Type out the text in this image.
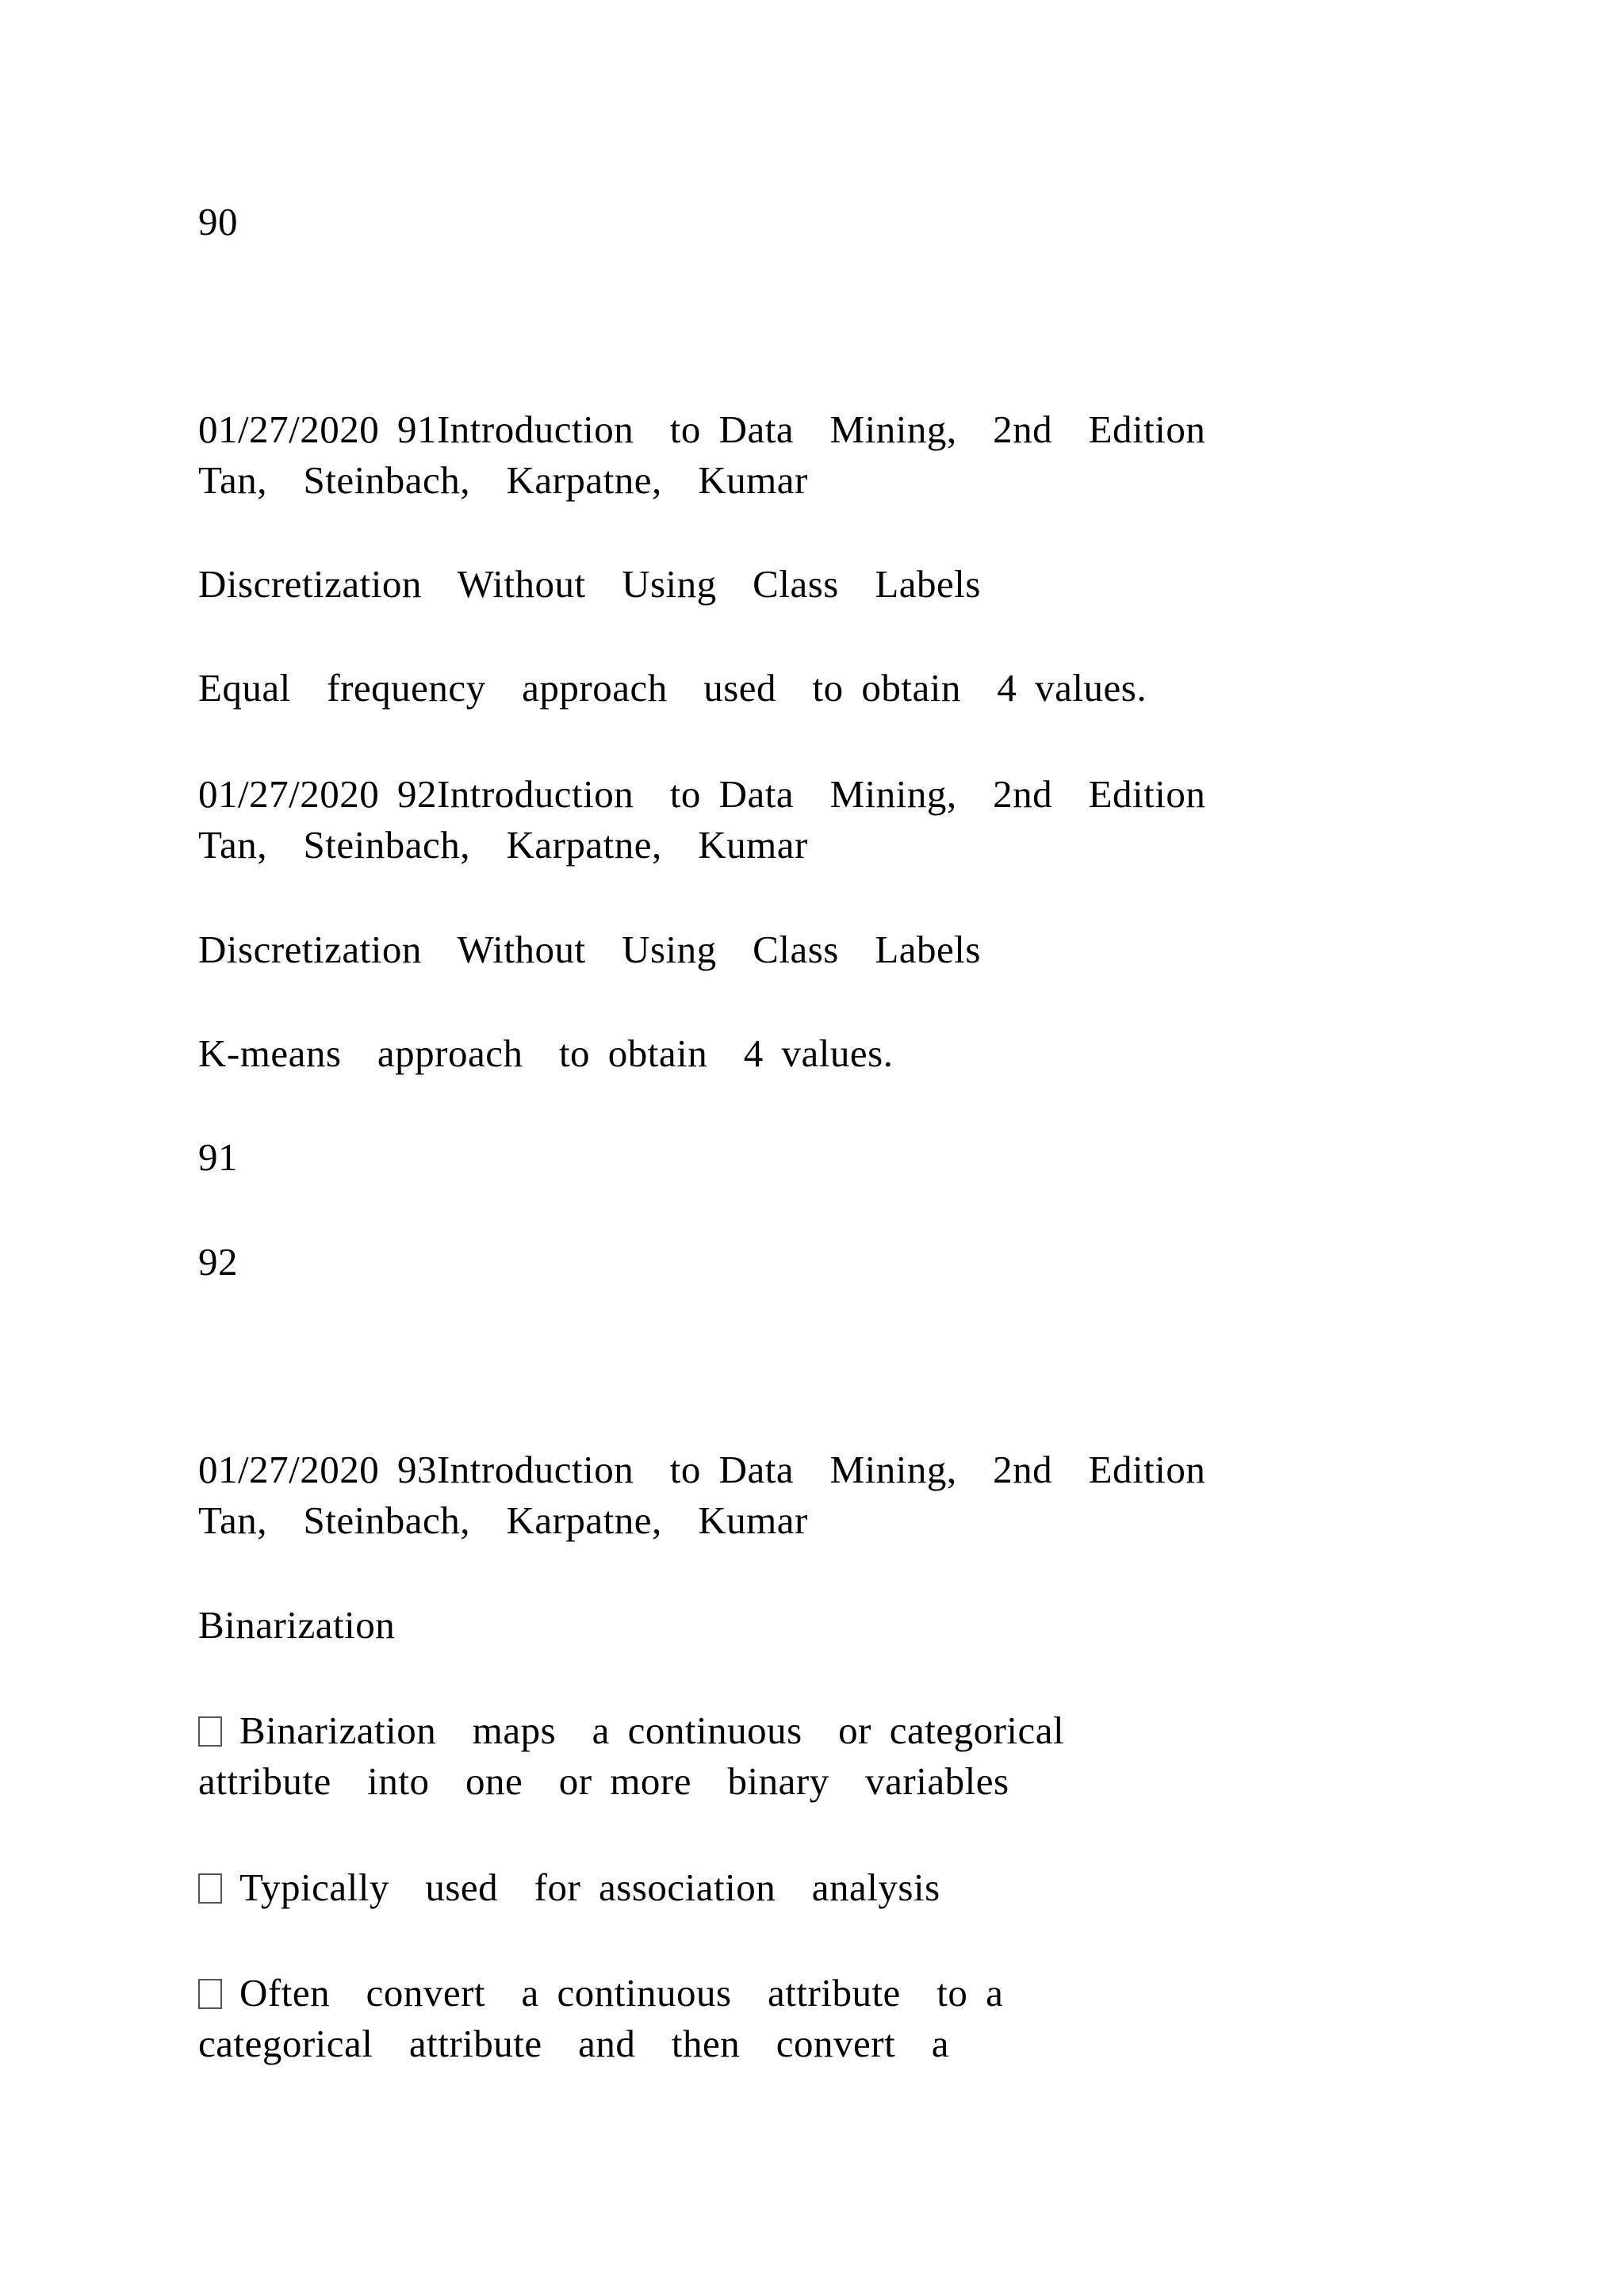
90
01/27/2020 91Introduction  to Data  Mining,  2nd  Edition
Tan,  Steinbach,  Karpatne,  Kumar
Discretization  Without  Using  Class  Labels
Equal  frequency  approach  used  to obtain  4 values.
01/27/2020 92Introduction  to Data  Mining,  2nd  Edition
Tan,  Steinbach,  Karpatne,  Kumar
Discretization  Without  Using  Class  Labels
K-means  approach  to obtain  4 values.
91
92
01/27/2020 93Introduction  to Data  Mining,  2nd  Edition
Tan,  Steinbach,  Karpatne,  Kumar
Binarization
Binarization  maps  a continuous  or categorical
attribute  into  one  or more  binary  variables
Typically  used  for association  analysis
Often  convert  a continuous  attribute  to a
categorical  attribute  and  then  convert  a
